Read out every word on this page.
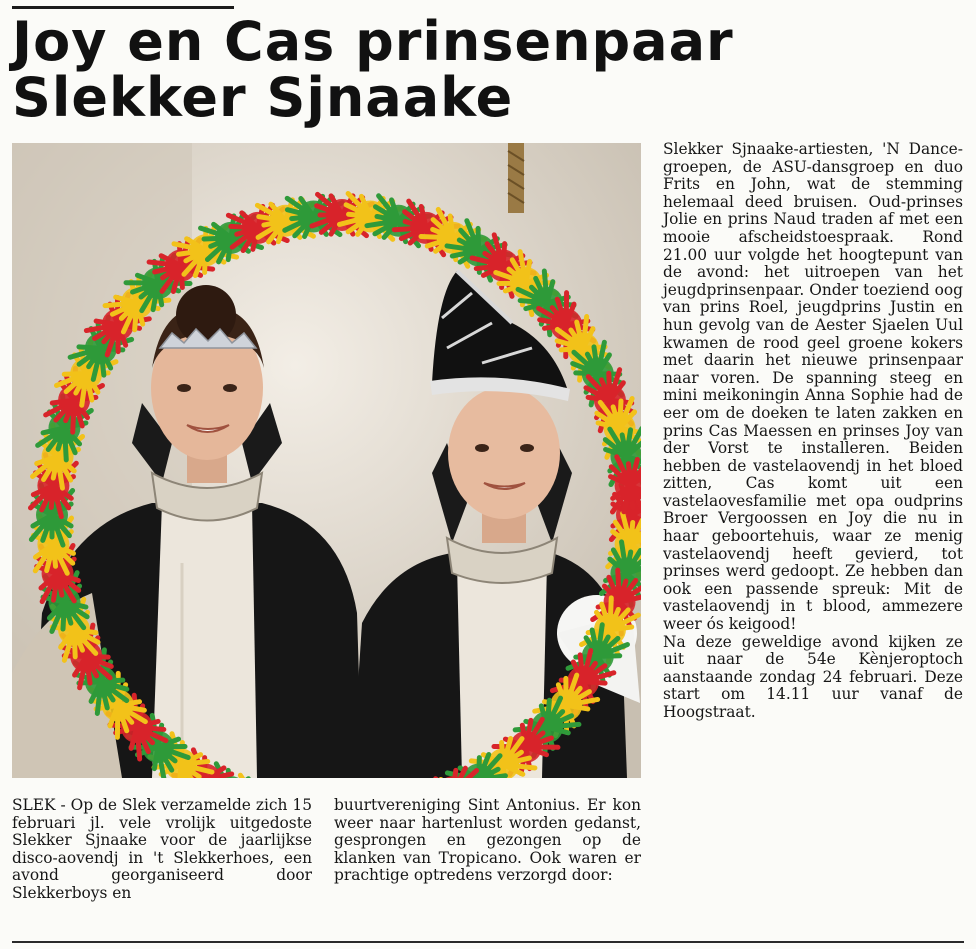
Joy en Cas prinsenpaar
Slekker Sjnaake

Slekker Sjnaake-artiesten, 'N Dance-groepen, de ASU-dansgroep en duo Frits en John, wat de stemming helemaal deed bruisen. Oud-prinses Jolie en prins Naud traden af met een mooie afscheidstoespraak. Rond 21.00 uur volgde het hoogtepunt van de avond: het uitroepen van het jeugdprinsenpaar. Onder toeziend oog van prins Roel, jeugdprins Justin en hun gevolg van de Aester Sjaelen Uul kwamen de rood geel groene kokers met daarin het nieuwe prinsenpaar naar voren. De spanning steeg en mini meikoningin Anna Sophie had de eer om de doeken te laten zakken en prins Cas Maessen en prinses Joy van der Vorst te installeren. Beiden hebben de vastelaovendj in het bloed zitten, Cas komt uit een vastelaovesfamilie met opa oudprins Broer Vergoossen en Joy die nu in haar geboortehuis, waar ze menig vastelaovendj heeft gevierd, tot prinses werd gedoopt. Ze hebben dan ook een passende spreuk: Mit de vastelaovendj in t blood, ammezere weer ós keigood!

Na deze geweldige avond kijken ze uit naar de 54e Kènjeroptoch aanstaande zondag 24 februari. Deze start om 14.11 uur vanaf de Hoogstraat.

SLEK - Op de Slek verzamelde zich 15 februari jl. vele vrolijk uitgedoste Slekker Sjnaake voor de jaarlijkse disco-aovendj in 't Slekkerhoes, een avond georganiseerd door Slekkerboys en

buurtvereniging Sint Antonius. Er kon weer naar hartenlust worden gedanst, gesprongen en gezongen op de klanken van Tropicano. Ook waren er prachtige optredens verzorgd door:
